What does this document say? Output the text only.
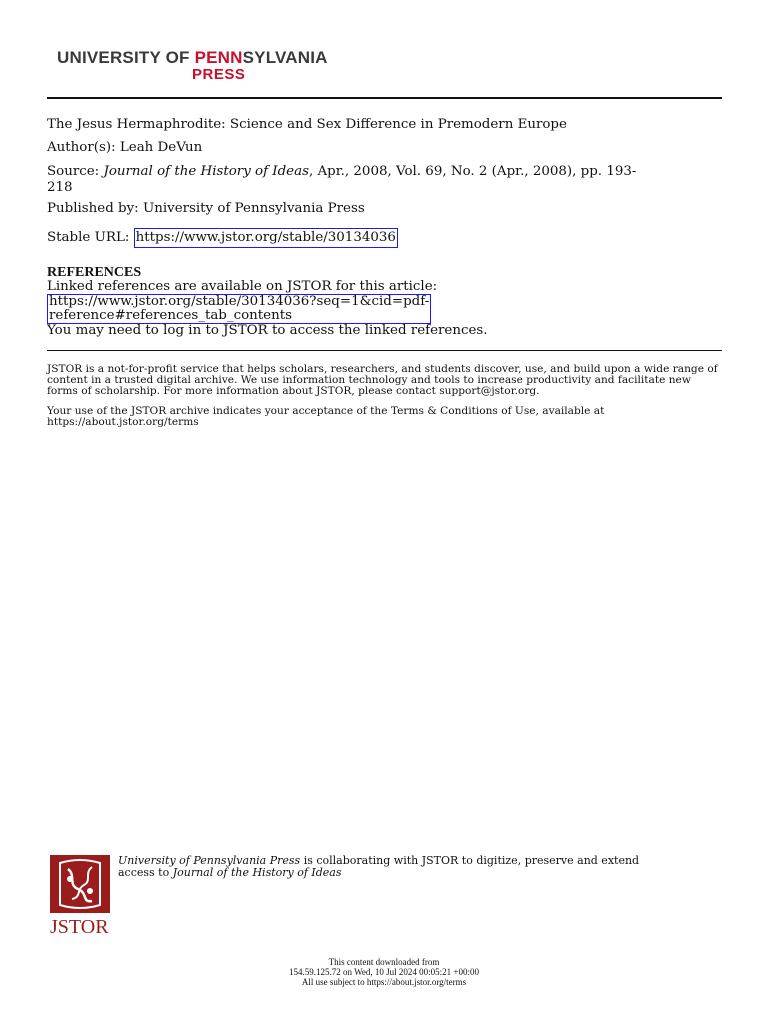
UNIVERSITY OF PENNSYLVANIA
PRESS
The Jesus Hermaphrodite: Science and Sex Difference in Premodern Europe
Author(s): Leah DeVun
Source: Journal of the History of Ideas, Apr., 2008, Vol. 69, No. 2 (Apr., 2008), pp. 193-
218
Published by: University of Pennsylvania Press
Stable URL: https://www.jstor.org/stable/30134036
REFERENCES
Linked references are available on JSTOR for this article:
https://www.jstor.org/stable/30134036?seq=1&cid=pdf-
reference#references_tab_contents
You may need to log in to JSTOR to access the linked references.
JSTOR is a not-for-profit service that helps scholars, researchers, and students discover, use, and build upon a wide range of content in a trusted digital archive. We use information technology and tools to increase productivity and facilitate new forms of scholarship. For more information about JSTOR, please contact support@jstor.org.
Your use of the JSTOR archive indicates your acceptance of the Terms & Conditions of Use, available at https://about.jstor.org/terms
JSTOR
University of Pennsylvania Press is collaborating with JSTOR to digitize, preserve and extend access to Journal of the History of Ideas
This content downloaded from
154.59.125.72 on Wed, 10 Jul 2024 00:05:21 +00:00
All use subject to https://about.jstor.org/terms
